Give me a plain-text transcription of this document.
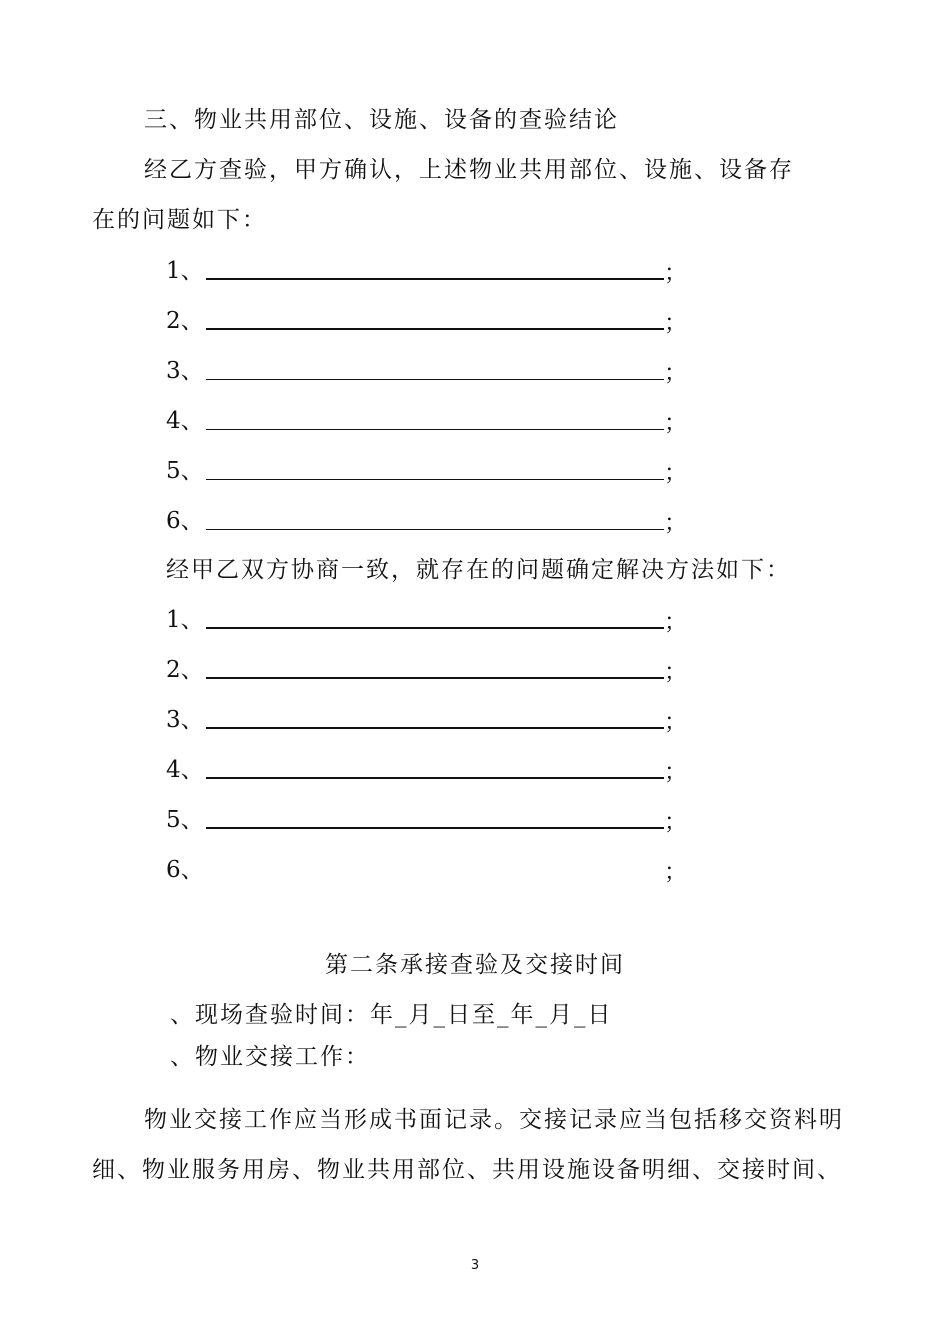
三、物业共用部位、设施、设备的查验结论
经乙方查验，甲方确认，上述物业共用部位、设施、设备存
在的问题如下：
1、	；
2、	；
3、	；
4、	；
5、	；
6、	；
经甲乙双方协商一致，就存在的问题确定解决方法如下：
1、	；
2、	；
3、	；
4、	；
5、	；
6、	；
第二条承接查验及交接时间
、现场查验时间：年_月_日至_年_月_日
、物业交接工作：
物业交接工作应当形成书面记录。交接记录应当包括移交资料明
细、物业服务用房、物业共用部位、共用设施设备明细、交接时间、
3
